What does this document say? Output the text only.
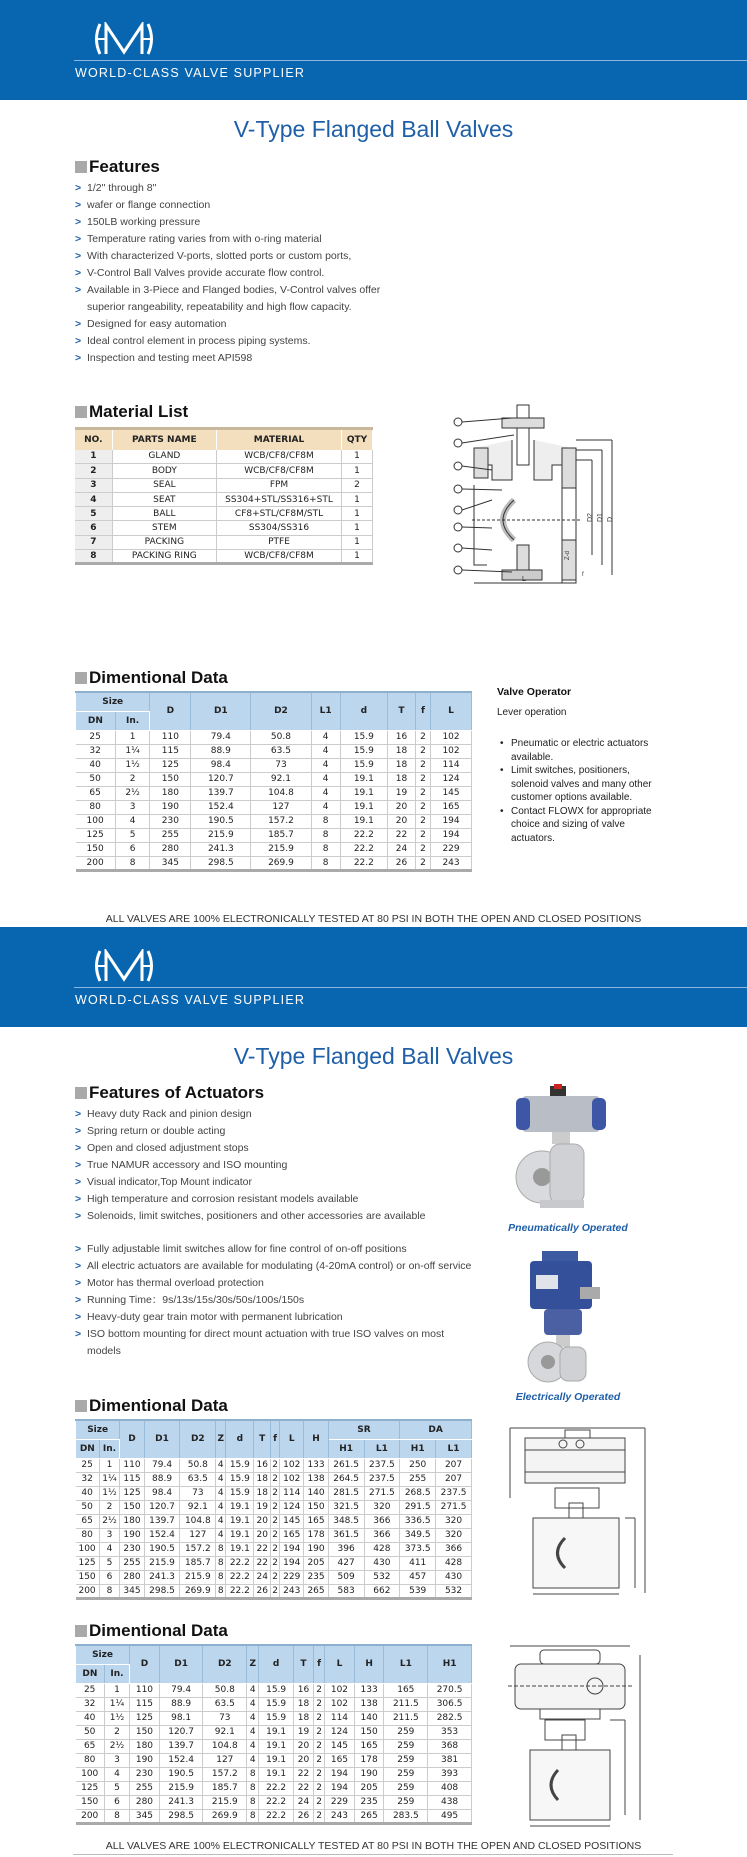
WORLD-CLASS VALVE SUPPLIER
V-Type Flanged Ball Valves
Features
> 1/2" through 8"
> wafer or flange connection
> 150LB working pressure
> Temperature rating varies from with o-ring material
> With characterized V-ports, slotted ports or custom ports,
> V-Control Ball Valves provide accurate flow control.
> Available in 3-Piece and Flanged bodies, V-Control valves offer superior rangeability, repeatability and high flow capacity.
> Designed for easy automation
> Ideal control element in process piping systems.
> Inspection and testing meet API598
Material List
NO.	PARTS NAME	MATERIAL	QTY
1	GLAND	WCB/CF8/CF8M	1
2	BODY	WCB/CF8/CF8M	1
3	SEAL	FPM	2
4	SEAT	SS304+STL/SS316+STL	1
5	BALL	CF8+STL/CF8M/STL	1
6	STEM	SS304/SS316	1
7	PACKING	PTFE	1
8	PACKING RING	WCB/CF8/CF8M	1
D2 D1 D
L
Z-d
f
Dimentional Data
Size		D	D1	D2	L1	d	T	f	L
DN	In.								
25	1	110	79.4	50.8	4	15.9	16	2	102
32	1¼	115	88.9	63.5	4	15.9	18	2	102
40	1½	125	98.4	73	4	15.9	18	2	114
50	2	150	120.7	92.1	4	19.1	18	2	124
65	2½	180	139.7	104.8	4	19.1	19	2	145
80	3	190	152.4	127	4	19.1	20	2	165
100	4	230	190.5	157.2	8	19.1	20	2	194
125	5	255	215.9	185.7	8	22.2	22	2	194
150	6	280	241.3	215.9	8	22.2	24	2	229
200	8	345	298.5	269.9	8	22.2	26	2	243
Valve Operator
Lever operation
• Pneumatic or electric actuators available.
• Limit switches, positioners, solenoid valves and many other customer options available.
• Contact FLOWX for appropriate choice and sizing of valve actuators.
ALL VALVES ARE 100% ELECTRONICALLY TESTED AT 80 PSI IN BOTH THE OPEN AND CLOSED POSITIONS
WORLD-CLASS VALVE SUPPLIER
V-Type Flanged Ball Valves
Features of Actuators
> Heavy duty Rack and pinion design
> Spring return or double acting
> Open and closed adjustment stops
> True NAMUR accessory and ISO mounting
> Visual indicator,Top Mount indicator
> High temperature and corrosion resistant models available
> Solenoids, limit switches, positioners and other accessories are available
> Fully adjustable limit switches allow for fine control of on-off positions
> All electric actuators are available for modulating (4-20mA control) or on-off service
> Motor has thermal overload protection
> Running Time：9s/13s/15s/30s/50s/100s/150s
> Heavy-duty gear train motor with permanent lubrication
> ISO bottom mounting for direct mount actuation with true ISO valves on most models
Pneumatically Operated
Electrically Operated
Dimentional Data
Size		D	D1	D2	Z	d	T	f	L	H	SR		DA	
DN	In.										H1	L1	H1	L1
25	1	110	79.4	50.8	4	15.9	16	2	102	133	261.5	237.5	250	207
32	1¼	115	88.9	63.5	4	15.9	18	2	102	138	264.5	237.5	255	207
40	1½	125	98.4	73	4	15.9	18	2	114	140	281.5	271.5	268.5	237.5
50	2	150	120.7	92.1	4	19.1	19	2	124	150	321.5	320	291.5	271.5
65	2½	180	139.7	104.8	4	19.1	20	2	145	165	348.5	366	336.5	320
80	3	190	152.4	127	4	19.1	20	2	165	178	361.5	366	349.5	320
100	4	230	190.5	157.2	8	19.1	22	2	194	190	396	428	373.5	366
125	5	255	215.9	185.7	8	22.2	22	2	194	205	427	430	411	428
150	6	280	241.3	215.9	8	22.2	24	2	229	235	509	532	457	430
200	8	345	298.5	269.9	8	22.2	26	2	243	265	583	662	539	532
Dimentional Data
Size		D	D1	D2	Z	d	T	f	L	H	L1	H1
DN	In.											
25	1	110	79.4	50.8	4	15.9	16	2	102	133	165	270.5
32	1¼	115	88.9	63.5	4	15.9	18	2	102	138	211.5	306.5
40	1½	125	98.1	73	4	15.9	18	2	114	140	211.5	282.5
50	2	150	120.7	92.1	4	19.1	19	2	124	150	259	353
65	2½	180	139.7	104.8	4	19.1	20	2	145	165	259	368
80	3	190	152.4	127	4	19.1	20	2	165	178	259	381
100	4	230	190.5	157.2	8	19.1	22	2	194	190	259	393
125	5	255	215.9	185.7	8	22.2	22	2	194	205	259	408
150	6	280	241.3	215.9	8	22.2	24	2	229	235	259	438
200	8	345	298.5	269.9	8	22.2	26	2	243	265	283.5	495
ALL VALVES ARE 100% ELECTRONICALLY TESTED AT 80 PSI IN BOTH THE OPEN AND CLOSED POSITIONS
